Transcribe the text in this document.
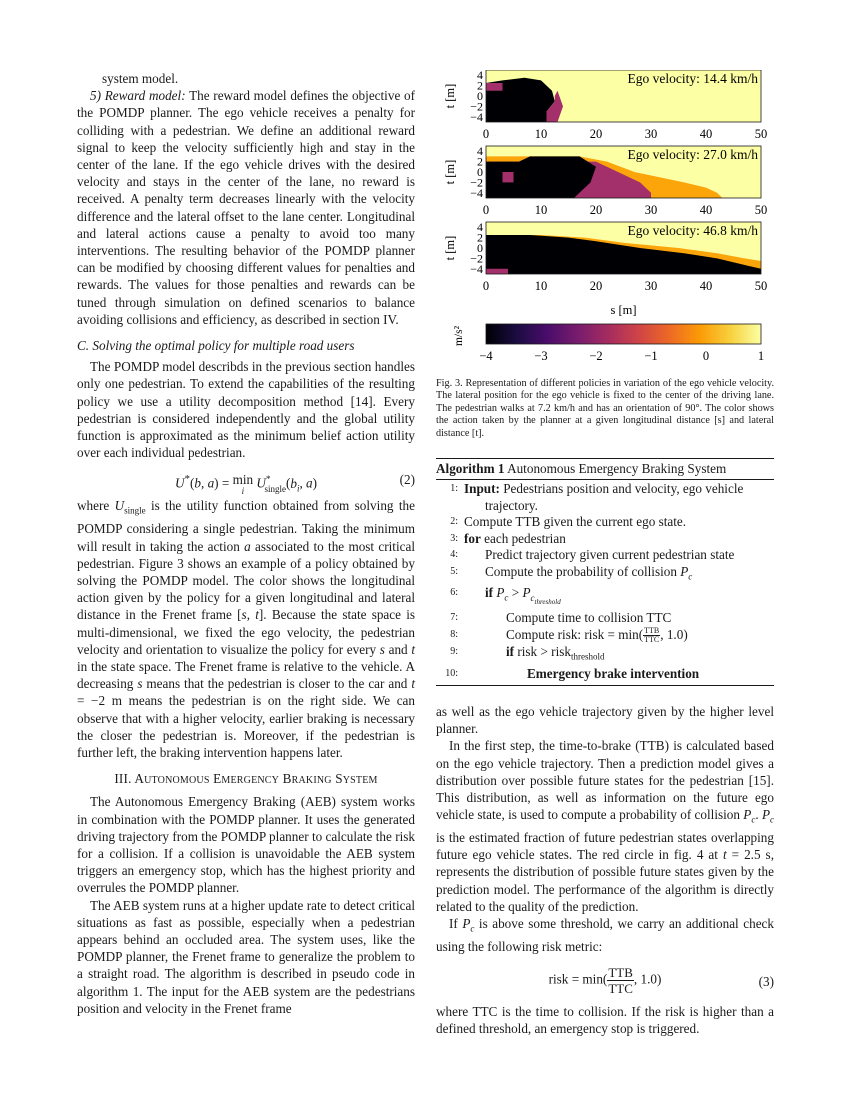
system model.

5) Reward model: The reward model defines the objective of the POMDP planner. The ego vehicle receives a penalty for colliding with a pedestrian. We define an additional reward signal to keep the velocity sufficiently high and stay in the center of the lane. If the ego vehicle drives with the desired velocity and stays in the center of the lane, no reward is received. A penalty term decreases linearly with the velocity difference and the lateral offset to the lane center. Longitudinal and lateral actions cause a penalty to avoid too many interventions. The resulting behavior of the POMDP planner can be modified by choosing different values for penalties and rewards. The values for those penalties and rewards can be tuned through simulation on defined scenarios to balance avoiding collisions and efficiency, as described in section IV.

C. Solving the optimal policy for multiple road users

The POMDP model describds in the previous section handles only one pedestrian. To extend the capabilities of the resulting policy we use a utility decomposition method [14]. Every pedestrian is considered independently and the global utility function is approximated as the minimum belief action utility over each individual pedestrian.

U*(b, a) = min
i $U^*_{single}(b_i$, a)	(2)

where $U_{single}$ is the utility function obtained from solving the POMDP considering a single pedestrian. Taking the minimum will result in taking the action a associated to the most critical pedestrian. Figure 3 shows an example of a policy obtained by solving the POMDP model. The color shows the longitudinal action given by the policy for a given longitudinal and lateral distance in the Frenet frame [s, t]. Because the state space is multi-dimensional, we fixed the ego velocity, the pedestrian velocity and orientation to visualize the policy for every s and t in the state space. The Frenet frame is relative to the vehicle. A decreasing s means that the pedestrian is closer to the car and t = −2 m means the pedestrian is on the right side. We can observe that with a higher velocity, earlier braking is necessary the closer the pedestrian is. Moreover, if the pedestrian is further left, the braking intervention happens later.

III. AUTONOMOUS EMERGENCY BRAKING SYSTEM

The Autonomous Emergency Braking (AEB) system works in combination with the POMDP planner. It uses the generated driving trajectory from the POMDP planner to calculate the risk for a collision. If a collision is unavoidable the AEB system triggers an emergency stop, which has the highest priority and overrules the POMDP planner.

The AEB system runs at a higher update rate to detect critical situations as fast as possible, especially when a pedestrian appears behind an occluded area. The system uses, like the POMDP planner, the Frenet frame to generalize the problem to a straight road. The algorithm is described in pseudo code in algorithm 1. The input for the AEB system are the pedestrians position and velocity in the Frenet frame

Ego velocity: 14.4 km/h
4
2
0
−2
−4
t [m]
0	10	20	30	40	50
Ego velocity: 27.0 km/h
4
2
0
−2
−4
t [m]
0	10	20	30	40	50
Ego velocity: 46.8 km/h
4
2
0
−2
−4
t [m]
0	10	20	30	40	50
s [m]
m/s²
−4	−3	−2	−1	0	1
Fig. 3. Representation of different policies in variation of the ego vehicle velocity. The lateral position for the ego vehicle is fixed to the center of the driving lane. The pedestrian walks at 7.2 km/h and has an orientation of 90°. The color shows the action taken by the planner at a given longitudinal distance [s] and lateral distance [t].
Algorithm 1 Autonomous Emergency Braking System
1: Input: Pedestrians position and velocity, ego vehicle
trajectory.
2: Compute TTB given the current ego state.
3: for each pedestrian
4:	Predict trajectory given current pedestrian state
5:	Compute the probability of collision $P_c$
6:	if $P_c > P_{c_{threshold}}$
7:	Compute time to collision TTC
8:	Compute risk: risk = $\min( \frac{\text{TTB}}{\text{TTC}}$ , 1.0)
9:	if risk > risk$_{threshold}$
10:	Emergency brake intervention

as well as the ego vehicle trajectory given by the higher level planner.

In the first step, the time-to-brake (TTB) is calculated based on the ego vehicle trajectory. Then a prediction model gives a distribution over possible future states for the pedestrian [15]. This distribution, as well as information on the future ego vehicle state, is used to compute a probability of collision $P_c$. $P_c$ is the estimated fraction of future pedestrian states overlapping future ego vehicle states. The red circle in fig. 4 at t = 2.5 s, represents the distribution of possible future states given by the prediction model. The performance of the algorithm is directly related to the quality of the prediction.

If $P_c$ is above some threshold, we carry an additional check using the following risk metric:

risk = $\min( \frac{\text{TTB}}{\text{TTC}}$ , 1.0)	(3)

where TTC is the time to collision. If the risk is higher than a defined threshold, an emergency stop is triggered.
